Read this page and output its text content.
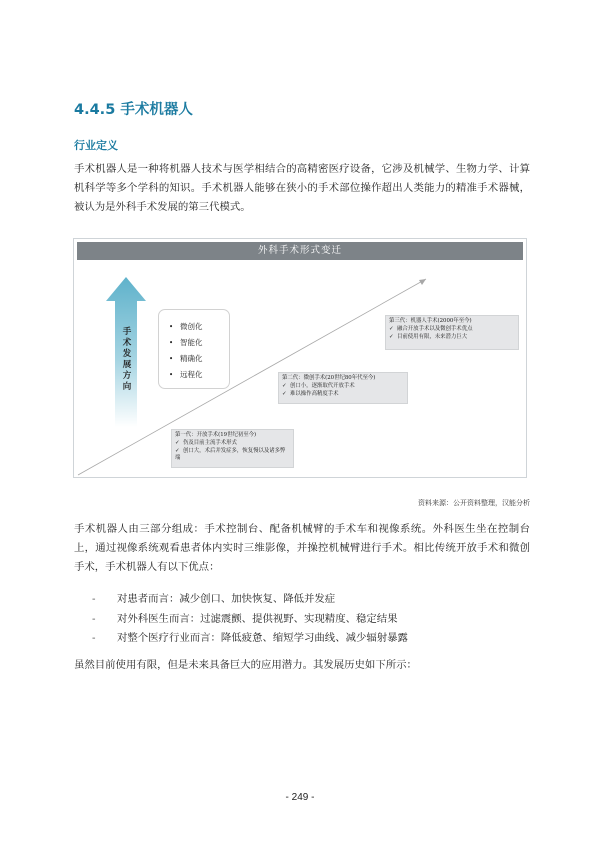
4.4.5 手术机器人
行业定义

手术机器人是一种将机器人技术与医学相结合的高精密医疗设备，它涉及机械学、生物力学、计算机科学等多个学科的知识。手术机器人能够在狭小的手术部位操作超出人类能力的精准手术器械，被认为是外科手术发展的第三代模式。

外科手术形式变迁
手
术
发
展
方
向
• 微创化
• 智能化
• 精确化
• 远程化
第一代：开放手术(19世纪初至今)
✓ 伤及目前主流手术形式
✓ 创口大，术后并发症多，恢复慢以及诸多弊端
第二代：微创手术(20世纪80年代至今)
✓ 创口小，逐渐取代开放手术
✓ 难以操作高精度手术
第三代：机器人手术(2000年至今)
✓ 融合开放手术以及微创手术优点
✓ 目前使用有限，未来潜力巨大
资料来源：公开资料整理，汉能分析

手术机器人由三部分组成：手术控制台、配备机械臂的手术车和视像系统。外科医生坐在控制台上，通过视像系统观看患者体内实时三维影像，并操控机械臂进行手术。相比传统开放手术和微创手术，手术机器人有以下优点：

- 对患者而言：减少创口、加快恢复、降低并发症
- 对外科医生而言：过滤震颤、提供视野、实现精度、稳定结果
- 对整个医疗行业而言：降低疲惫、缩短学习曲线、减少辐射暴露

虽然目前使用有限，但是未来具备巨大的应用潜力。其发展历史如下所示：

- 249 -
